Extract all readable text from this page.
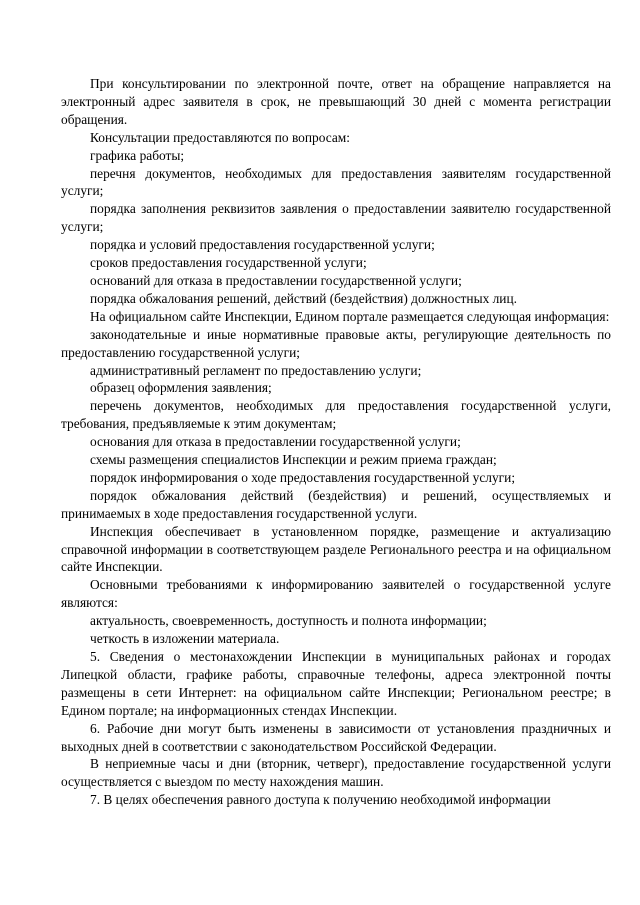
При консультировании по электронной почте, ответ на обращение направляется на электронный адрес заявителя в срок, не превышающий 30 дней с момента регистрации обращения.

Консультации предоставляются по вопросам:

графика работы;

перечня документов, необходимых для предоставления заявителям государственной услуги;

порядка заполнения реквизитов заявления о предоставлении заявителю государственной услуги;

порядка и условий предоставления государственной услуги;

сроков предоставления государственной услуги;

оснований для отказа в предоставлении государственной услуги;

порядка обжалования решений, действий (бездействия) должностных лиц.

На официальном сайте Инспекции, Едином портале размещается следующая информация:

законодательные и иные нормативные правовые акты, регулирующие деятельность по предоставлению государственной услуги;

административный регламент по предоставлению услуги;

образец оформления заявления;

перечень документов, необходимых для предоставления государственной услуги, требования, предъявляемые к этим документам;

основания для отказа в предоставлении государственной услуги;

схемы размещения специалистов Инспекции и режим приема граждан;

порядок информирования о ходе предоставления государственной услуги;

порядок обжалования действий (бездействия) и решений, осуществляемых и принимаемых в ходе предоставления государственной услуги.

Инспекция обеспечивает в установленном порядке, размещение и актуализацию справочной информации в соответствующем разделе Регионального реестра и на официальном сайте Инспекции.

Основными требованиями к информированию заявителей о государственной услуге являются:

актуальность, своевременность, доступность и полнота информации;

четкость в изложении материала.

5. Сведения о местонахождении Инспекции в муниципальных районах и городах Липецкой области, графике работы, справочные телефоны, адреса электронной почты размещены в сети Интернет: на официальном сайте Инспекции; Региональном реестре; в Едином портале; на информационных стендах Инспекции.

6. Рабочие дни могут быть изменены в зависимости от установления праздничных и выходных дней в соответствии с законодательством Российской Федерации.

В неприемные часы и дни (вторник, четверг), предоставление государственной услуги осуществляется с выездом по месту нахождения машин.

7. В целях обеспечения равного доступа к получению необходимой информации
